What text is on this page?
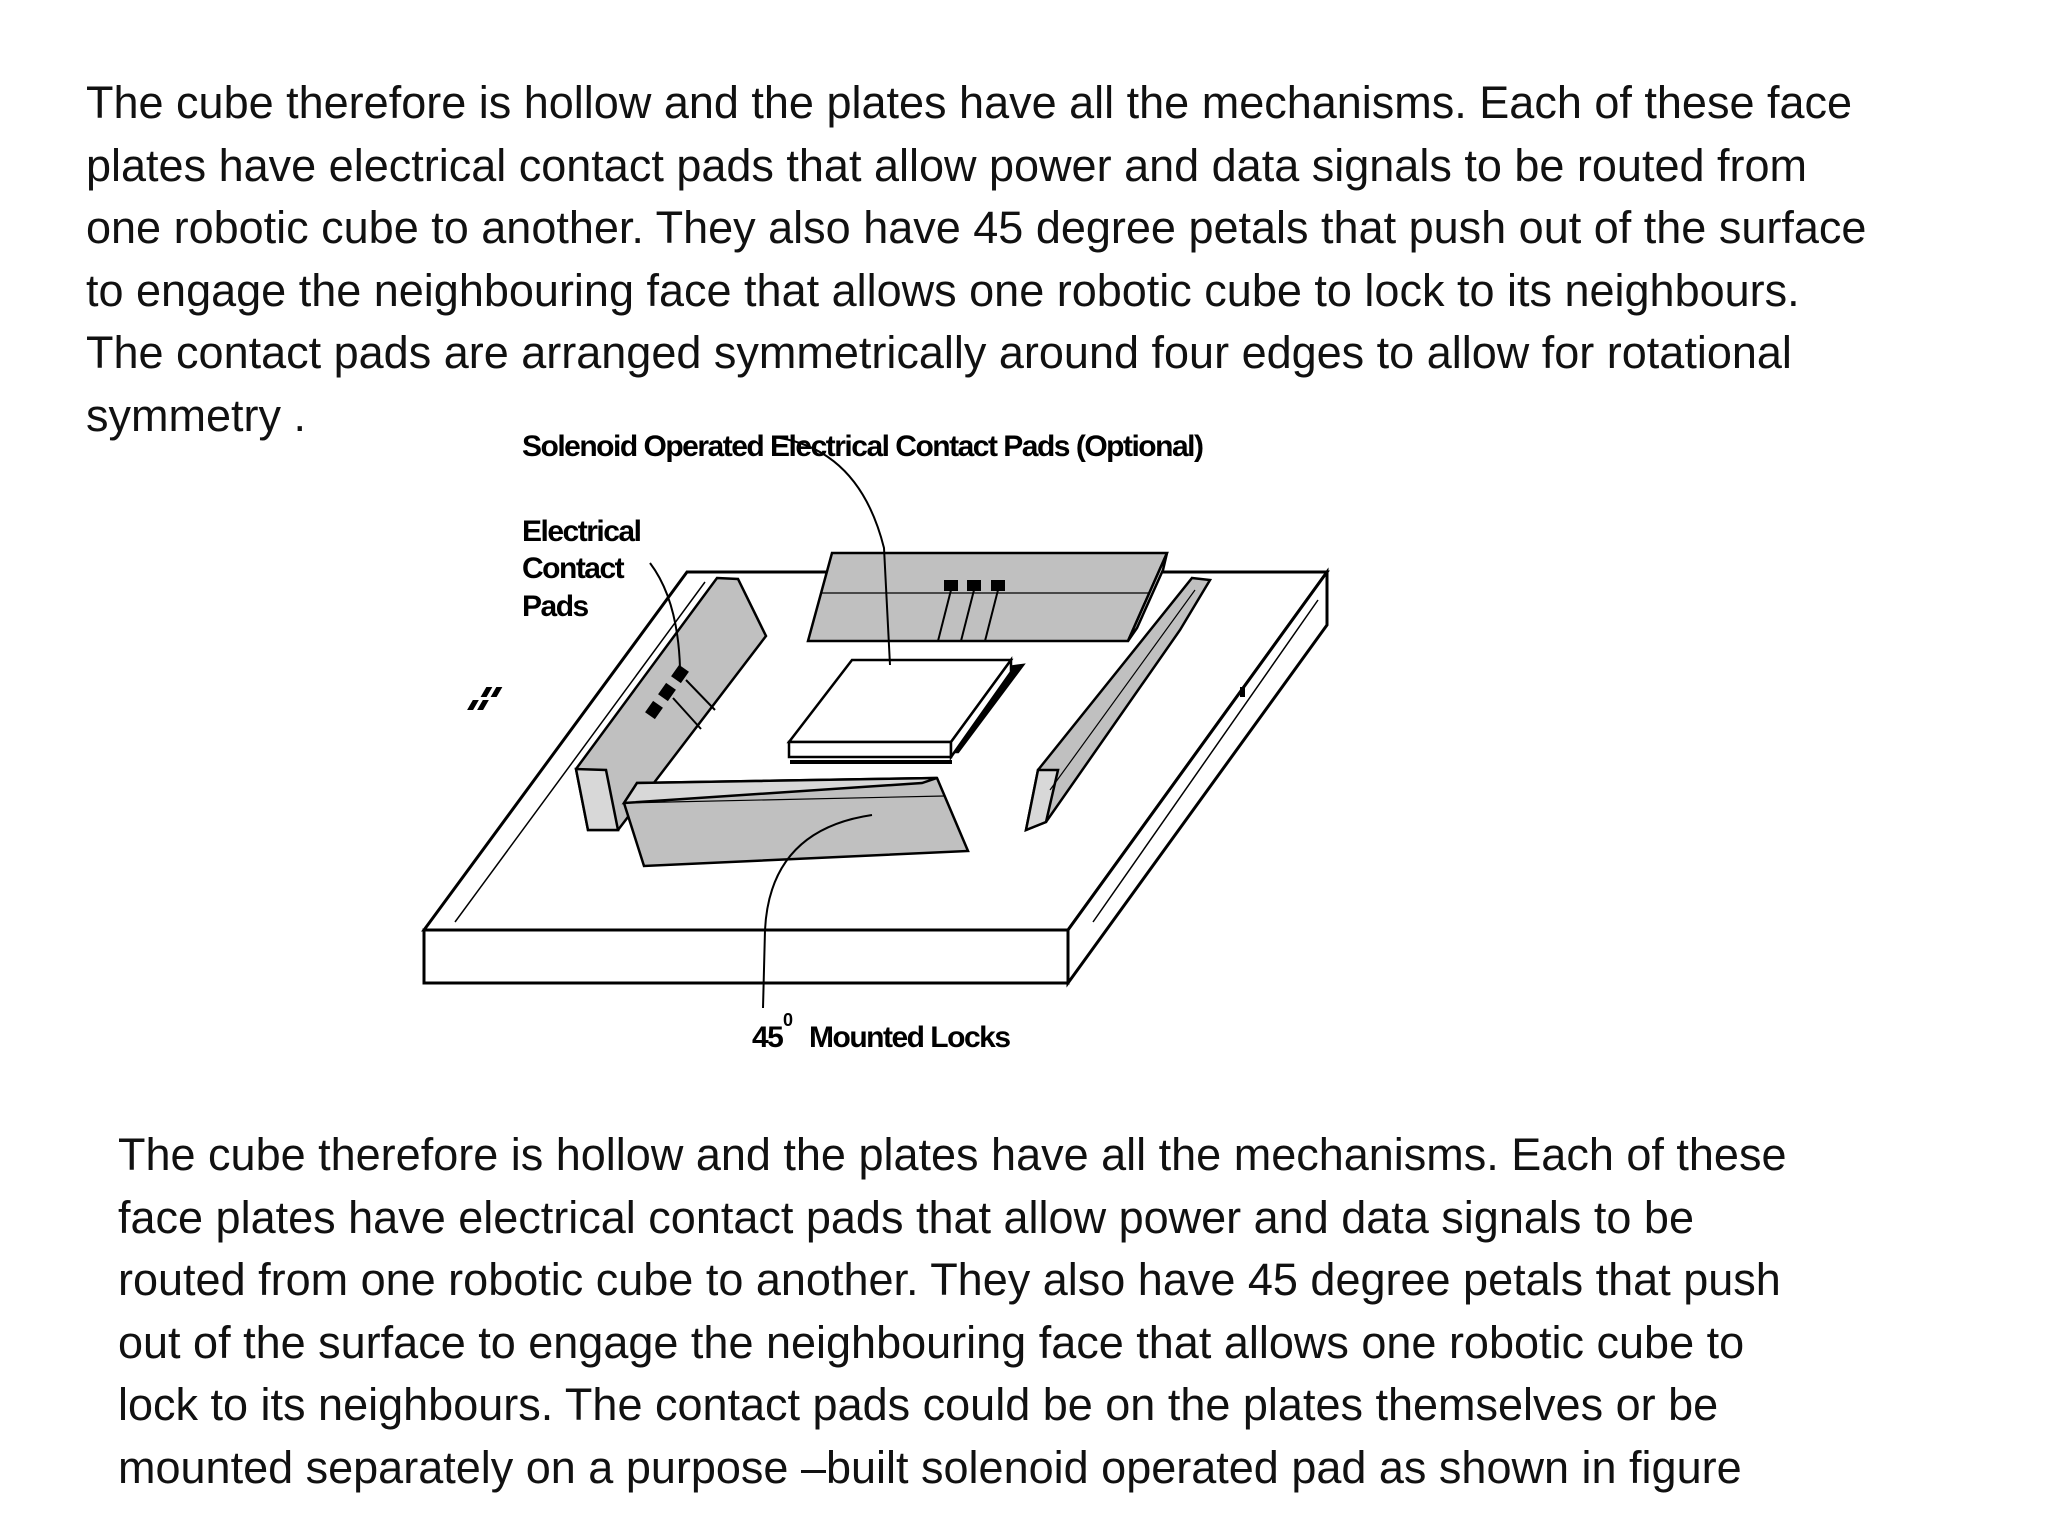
The cube therefore is hollow and the plates have all the mechanisms. Each of these face
plates have electrical contact pads that allow power and data signals to be routed from
one robotic cube to another. They also have 45 degree petals that push out of the surface
to engage the neighbouring face that allows one robotic cube to lock to its neighbours.
The contact pads are arranged symmetrically around four edges to allow for rotational
symmetry .

Solenoid Operated Electrical Contact Pads (Optional)
Electrical
Contact
Pads
45
0
Mounted Locks

The cube therefore is hollow and the plates have all the mechanisms. Each of these
face plates have electrical contact pads that allow power and data signals to be
routed from one robotic cube to another. They also have 45 degree petals that push
out of the surface to engage the neighbouring face that allows one robotic cube to
lock to its neighbours. The contact pads could be on the plates themselves or be
mounted separately on a purpose –built solenoid operated pad as shown in figure
